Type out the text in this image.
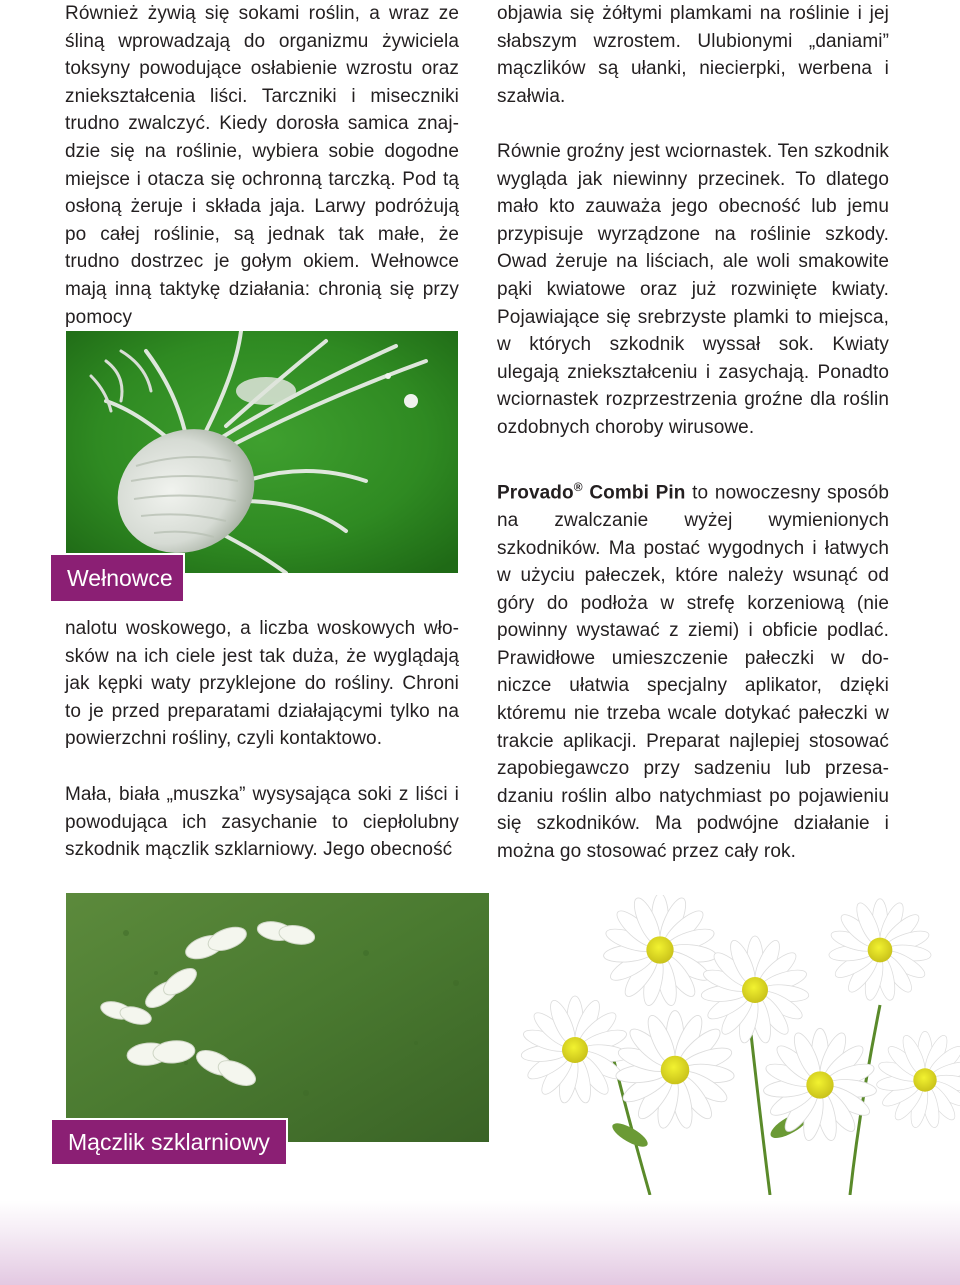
Również żywią się sokami roślin, a wraz ze śliną wprowadzają do organizmu żywiciela toksyny powodujące osłabienie wzrostu oraz zniekształcenia liści. Tarczniki i miseczniki trudno zwalczyć. Kiedy dorosła samica znajdzie się na roślinie, wybiera sobie dogodne miejsce i otacza się ochronną tarczką. Pod tą osłoną żeruje i składa jaja. Larwy podróżują po całej roślinie, są jednak tak małe, że trudno dostrzec je gołym okiem. Wełnowce mają inną taktykę działania: chronią się przy pomocy

Wełnowce

nalotu woskowego, a liczba woskowych włosków na ich ciele jest tak duża, że wyglądają jak kępki waty przyklejone do rośliny. Chroni to je przed preparatami działającymi tylko na powierzchni rośliny, czyli kontaktowo.

Mała, biała „muszka” wysysająca soki z liści i powodująca ich zasychanie to ciepłolubny szkodnik mączlik szklarniowy. Jego obecność

objawia się żółtymi plamkami na roślinie i jej słabszym wzrostem. Ulubionymi „daniami” mączlików są ułanki, niecierpki, werbena i szałwia.

Równie groźny jest wciornastek. Ten szkodnik wygląda jak niewinny przecinek. To dlatego mało kto zauważa jego obecność lub jemu przypisuje wyrządzone na roślinie szkody. Owad żeruje na liściach, ale woli smakowite pąki kwiatowe oraz już rozwinięte kwiaty. Pojawiające się srebrzyste plamki to miejsca, w których szkodnik wyssał sok. Kwiaty ulegają zniekształceniu i zasychają. Ponadto wciornastek rozprzestrzenia groźne dla roślin ozdobnych choroby wirusowe.

Provado® Combi Pin to nowoczesny sposób na zwalczanie wyżej wymienionych szkodników. Ma postać wygodnych i łatwych w użyciu pałeczek, które należy wsunąć od góry do podłoża w strefę korzeniową (nie powinny wystawać z ziemi) i obficie podlać. Prawidłowe umieszczenie pałeczki w doniczce ułatwia specjalny aplikator, dzięki któremu nie trzeba wcale dotykać pałeczki w trakcie aplikacji. Preparat najlepiej stosować zapobiegawczo przy sadzeniu lub przesadzaniu roślin albo natychmiast po pojawieniu się szkodników. Ma podwójne działanie i można go stosować przez cały rok.

Mączlik szklarniowy
